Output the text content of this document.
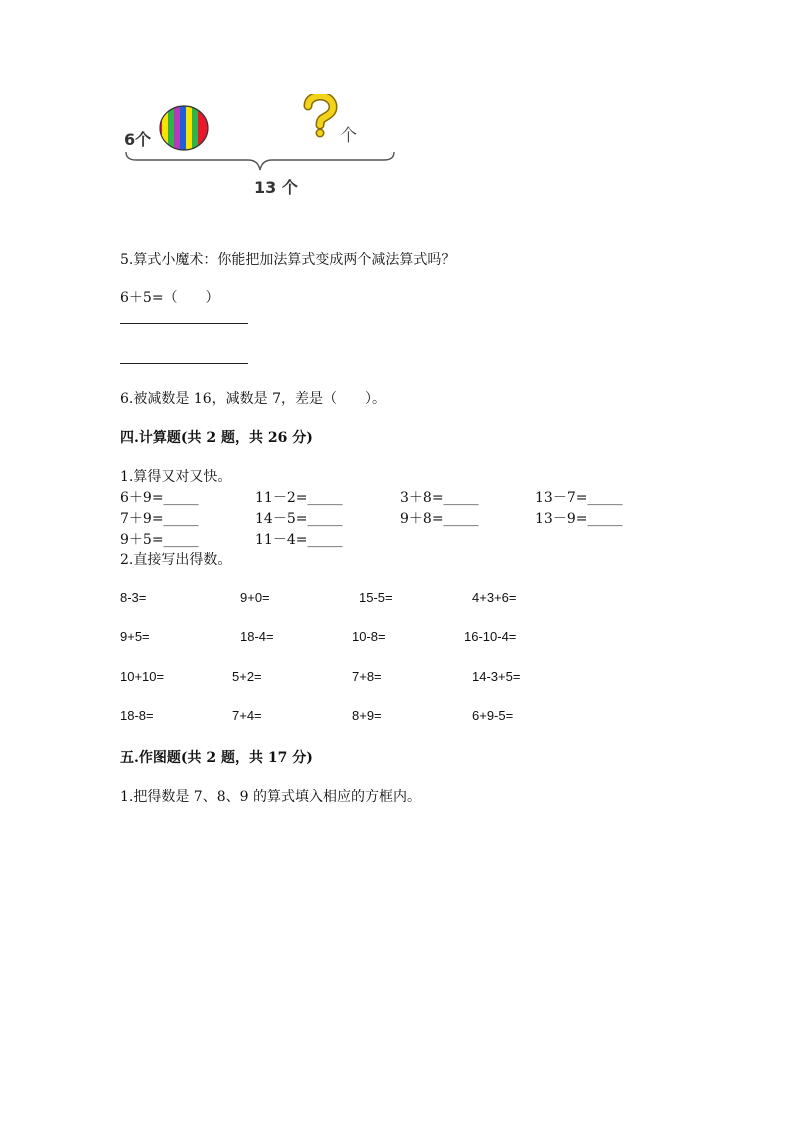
6个	个
13 个
5.算式小魔术：你能把加法算式变成两个减法算式吗？
6＋5=（　　）
6.被减数是 16，减数是 7，差是（　　）。
四.计算题(共 2 题，共 26 分)
1.算得又对又快。
6＋9=_____	11－2=_____	3＋8=_____	13－7=_____
7＋9=_____	14－5=_____	9＋8=_____	13－9=_____
9＋5=_____	11－4=_____
2.直接写出得数。
8-3=	9+0=	15-5=	4+3+6=
9+5=	18-4=	10-8=	16-10-4=
10+10=	5+2=	7+8=	14-3+5=
18-8=	7+4=	8+9=	6+9-5=
五.作图题(共 2 题，共 17 分)
1.把得数是 7、8、9 的算式填入相应的方框内。
